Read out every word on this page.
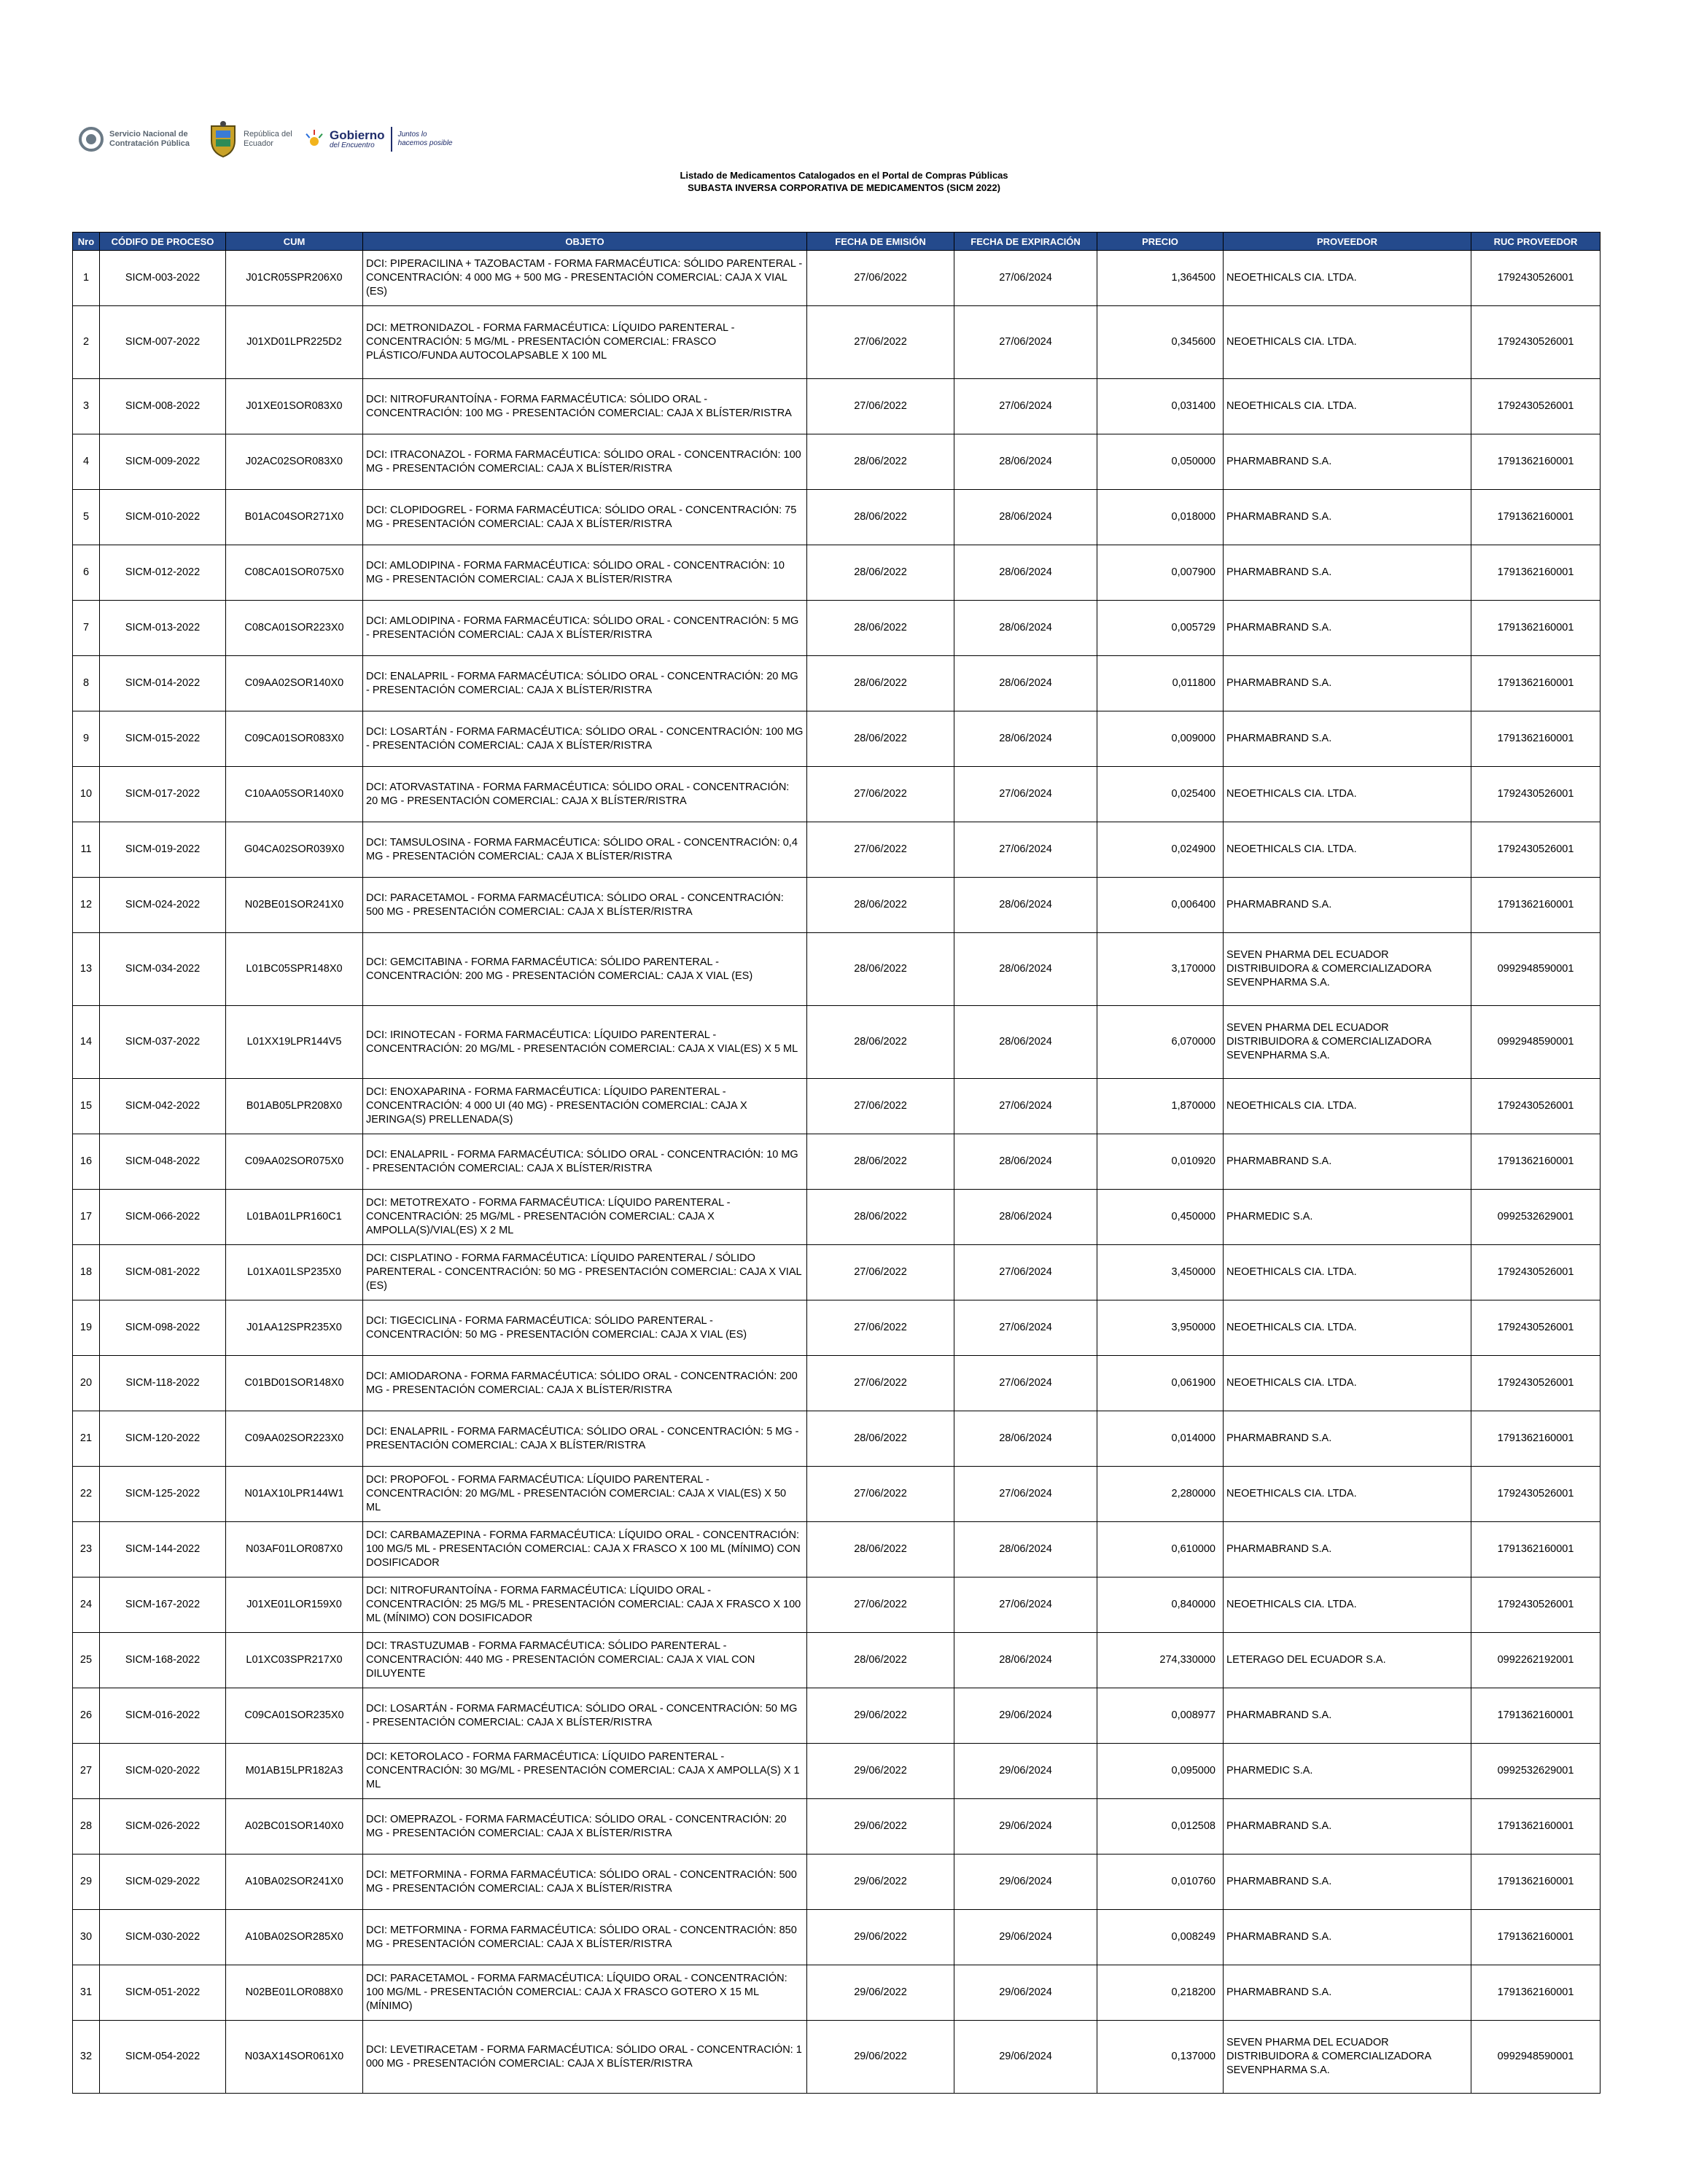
Servicio Nacional de Contratación Pública
República del Ecuador
Gobierno
del Encuentro
Juntos lo hacemos posible
Listado de Medicamentos Catalogados en el Portal de Compras Públicas
SUBASTA INVERSA CORPORATIVA DE MEDICAMENTOS (SICM 2022)
Nro	CÓDIFO DE PROCESO	CUM	OBJETO	FECHA DE EMISIÓN	FECHA DE EXPIRACIÓN	PRECIO	PROVEEDOR	RUC PROVEEDOR
1	SICM-003-2022	J01CR05SPR206X0	DCI: PIPERACILINA + TAZOBACTAM - FORMA FARMACÉUTICA: SÓLIDO PARENTERAL - CONCENTRACIÓN: 4 000 MG + 500 MG - PRESENTACIÓN COMERCIAL: CAJA X VIAL (ES)	27/06/2022	27/06/2024	1,364500	NEOETHICALS CIA. LTDA.	1792430526001
2	SICM-007-2022	J01XD01LPR225D2	DCI: METRONIDAZOL - FORMA FARMACÉUTICA: LÍQUIDO PARENTERAL - CONCENTRACIÓN: 5 MG/ML - PRESENTACIÓN COMERCIAL: FRASCO PLÁSTICO/FUNDA AUTOCOLAPSABLE X 100 ML	27/06/2022	27/06/2024	0,345600	NEOETHICALS CIA. LTDA.	1792430526001
3	SICM-008-2022	J01XE01SOR083X0	DCI: NITROFURANTOÍNA - FORMA FARMACÉUTICA: SÓLIDO ORAL - CONCENTRACIÓN: 100 MG - PRESENTACIÓN COMERCIAL: CAJA X BLÍSTER/RISTRA	27/06/2022	27/06/2024	0,031400	NEOETHICALS CIA. LTDA.	1792430526001
4	SICM-009-2022	J02AC02SOR083X0	DCI: ITRACONAZOL - FORMA FARMACÉUTICA: SÓLIDO ORAL - CONCENTRACIÓN: 100 MG - PRESENTACIÓN COMERCIAL: CAJA X BLÍSTER/RISTRA	28/06/2022	28/06/2024	0,050000	PHARMABRAND S.A.	1791362160001
5	SICM-010-2022	B01AC04SOR271X0	DCI: CLOPIDOGREL - FORMA FARMACÉUTICA: SÓLIDO ORAL - CONCENTRACIÓN: 75 MG - PRESENTACIÓN COMERCIAL: CAJA X BLÍSTER/RISTRA	28/06/2022	28/06/2024	0,018000	PHARMABRAND S.A.	1791362160001
6	SICM-012-2022	C08CA01SOR075X0	DCI: AMLODIPINA - FORMA FARMACÉUTICA: SÓLIDO ORAL - CONCENTRACIÓN: 10 MG - PRESENTACIÓN COMERCIAL: CAJA X BLÍSTER/RISTRA	28/06/2022	28/06/2024	0,007900	PHARMABRAND S.A.	1791362160001
7	SICM-013-2022	C08CA01SOR223X0	DCI: AMLODIPINA - FORMA FARMACÉUTICA: SÓLIDO ORAL - CONCENTRACIÓN: 5 MG - PRESENTACIÓN COMERCIAL: CAJA X BLÍSTER/RISTRA	28/06/2022	28/06/2024	0,005729	PHARMABRAND S.A.	1791362160001
8	SICM-014-2022	C09AA02SOR140X0	DCI: ENALAPRIL - FORMA FARMACÉUTICA: SÓLIDO ORAL - CONCENTRACIÓN: 20 MG - PRESENTACIÓN COMERCIAL: CAJA X BLÍSTER/RISTRA	28/06/2022	28/06/2024	0,011800	PHARMABRAND S.A.	1791362160001
9	SICM-015-2022	C09CA01SOR083X0	DCI: LOSARTÁN - FORMA FARMACÉUTICA: SÓLIDO ORAL - CONCENTRACIÓN: 100 MG - PRESENTACIÓN COMERCIAL: CAJA X BLÍSTER/RISTRA	28/06/2022	28/06/2024	0,009000	PHARMABRAND S.A.	1791362160001
10	SICM-017-2022	C10AA05SOR140X0	DCI: ATORVASTATINA - FORMA FARMACÉUTICA: SÓLIDO ORAL - CONCENTRACIÓN: 20 MG - PRESENTACIÓN COMERCIAL: CAJA X BLÍSTER/RISTRA	27/06/2022	27/06/2024	0,025400	NEOETHICALS CIA. LTDA.	1792430526001
11	SICM-019-2022	G04CA02SOR039X0	DCI: TAMSULOSINA - FORMA FARMACÉUTICA: SÓLIDO ORAL - CONCENTRACIÓN: 0,4 MG - PRESENTACIÓN COMERCIAL: CAJA X BLÍSTER/RISTRA	27/06/2022	27/06/2024	0,024900	NEOETHICALS CIA. LTDA.	1792430526001
12	SICM-024-2022	N02BE01SOR241X0	DCI: PARACETAMOL - FORMA FARMACÉUTICA: SÓLIDO ORAL - CONCENTRACIÓN: 500 MG - PRESENTACIÓN COMERCIAL: CAJA X BLÍSTER/RISTRA	28/06/2022	28/06/2024	0,006400	PHARMABRAND S.A.	1791362160001
13	SICM-034-2022	L01BC05SPR148X0	DCI: GEMCITABINA - FORMA FARMACÉUTICA: SÓLIDO PARENTERAL - CONCENTRACIÓN: 200 MG - PRESENTACIÓN COMERCIAL: CAJA X VIAL (ES)	28/06/2022	28/06/2024	3,170000	SEVEN PHARMA DEL ECUADOR DISTRIBUIDORA & COMERCIALIZADORA SEVENPHARMA S.A.	0992948590001
14	SICM-037-2022	L01XX19LPR144V5	DCI: IRINOTECAN - FORMA FARMACÉUTICA: LÍQUIDO PARENTERAL - CONCENTRACIÓN: 20 MG/ML - PRESENTACIÓN COMERCIAL: CAJA X VIAL(ES) X 5 ML	28/06/2022	28/06/2024	6,070000	SEVEN PHARMA DEL ECUADOR DISTRIBUIDORA & COMERCIALIZADORA SEVENPHARMA S.A.	0992948590001
15	SICM-042-2022	B01AB05LPR208X0	DCI: ENOXAPARINA - FORMA FARMACÉUTICA: LÍQUIDO PARENTERAL - CONCENTRACIÓN: 4 000 UI (40 MG) - PRESENTACIÓN COMERCIAL: CAJA X JERINGA(S) PRELLENADA(S)	27/06/2022	27/06/2024	1,870000	NEOETHICALS CIA. LTDA.	1792430526001
16	SICM-048-2022	C09AA02SOR075X0	DCI: ENALAPRIL - FORMA FARMACÉUTICA: SÓLIDO ORAL - CONCENTRACIÓN: 10 MG - PRESENTACIÓN COMERCIAL: CAJA X BLÍSTER/RISTRA	28/06/2022	28/06/2024	0,010920	PHARMABRAND S.A.	1791362160001
17	SICM-066-2022	L01BA01LPR160C1	DCI: METOTREXATO - FORMA FARMACÉUTICA: LÍQUIDO PARENTERAL - CONCENTRACIÓN: 25 MG/ML - PRESENTACIÓN COMERCIAL: CAJA X AMPOLLA(S)/VIAL(ES) X 2 ML	28/06/2022	28/06/2024	0,450000	PHARMEDIC S.A.	0992532629001
18	SICM-081-2022	L01XA01LSP235X0	DCI: CISPLATINO - FORMA FARMACÉUTICA: LÍQUIDO PARENTERAL / SÓLIDO PARENTERAL - CONCENTRACIÓN: 50 MG - PRESENTACIÓN COMERCIAL: CAJA X VIAL (ES)	27/06/2022	27/06/2024	3,450000	NEOETHICALS CIA. LTDA.	1792430526001
19	SICM-098-2022	J01AA12SPR235X0	DCI: TIGECICLINA - FORMA FARMACÉUTICA: SÓLIDO PARENTERAL - CONCENTRACIÓN: 50 MG - PRESENTACIÓN COMERCIAL: CAJA X VIAL (ES)	27/06/2022	27/06/2024	3,950000	NEOETHICALS CIA. LTDA.	1792430526001
20	SICM-118-2022	C01BD01SOR148X0	DCI: AMIODARONA - FORMA FARMACÉUTICA: SÓLIDO ORAL - CONCENTRACIÓN: 200 MG - PRESENTACIÓN COMERCIAL: CAJA X BLÍSTER/RISTRA	27/06/2022	27/06/2024	0,061900	NEOETHICALS CIA. LTDA.	1792430526001
21	SICM-120-2022	C09AA02SOR223X0	DCI: ENALAPRIL - FORMA FARMACÉUTICA: SÓLIDO ORAL - CONCENTRACIÓN: 5 MG - PRESENTACIÓN COMERCIAL: CAJA X BLÍSTER/RISTRA	28/06/2022	28/06/2024	0,014000	PHARMABRAND S.A.	1791362160001
22	SICM-125-2022	N01AX10LPR144W1	DCI: PROPOFOL - FORMA FARMACÉUTICA: LÍQUIDO PARENTERAL - CONCENTRACIÓN: 20 MG/ML - PRESENTACIÓN COMERCIAL: CAJA X VIAL(ES) X 50 ML	27/06/2022	27/06/2024	2,280000	NEOETHICALS CIA. LTDA.	1792430526001
23	SICM-144-2022	N03AF01LOR087X0	DCI: CARBAMAZEPINA - FORMA FARMACÉUTICA: LÍQUIDO ORAL - CONCENTRACIÓN: 100 MG/5 ML - PRESENTACIÓN COMERCIAL: CAJA X FRASCO X 100 ML (MÍNIMO) CON DOSIFICADOR	28/06/2022	28/06/2024	0,610000	PHARMABRAND S.A.	1791362160001
24	SICM-167-2022	J01XE01LOR159X0	DCI: NITROFURANTOÍNA - FORMA FARMACÉUTICA: LÍQUIDO ORAL - CONCENTRACIÓN: 25 MG/5 ML - PRESENTACIÓN COMERCIAL: CAJA X FRASCO X 100 ML (MÍNIMO) CON DOSIFICADOR	27/06/2022	27/06/2024	0,840000	NEOETHICALS CIA. LTDA.	1792430526001
25	SICM-168-2022	L01XC03SPR217X0	DCI: TRASTUZUMAB - FORMA FARMACÉUTICA: SÓLIDO PARENTERAL - CONCENTRACIÓN: 440 MG - PRESENTACIÓN COMERCIAL: CAJA X VIAL CON DILUYENTE	28/06/2022	28/06/2024	274,330000	LETERAGO DEL ECUADOR S.A.	0992262192001
26	SICM-016-2022	C09CA01SOR235X0	DCI: LOSARTÁN - FORMA FARMACÉUTICA: SÓLIDO ORAL - CONCENTRACIÓN: 50 MG - PRESENTACIÓN COMERCIAL: CAJA X BLÍSTER/RISTRA	29/06/2022	29/06/2024	0,008977	PHARMABRAND S.A.	1791362160001
27	SICM-020-2022	M01AB15LPR182A3	DCI: KETOROLACO - FORMA FARMACÉUTICA: LÍQUIDO PARENTERAL - CONCENTRACIÓN: 30 MG/ML - PRESENTACIÓN COMERCIAL: CAJA X AMPOLLA(S) X 1 ML	29/06/2022	29/06/2024	0,095000	PHARMEDIC S.A.	0992532629001
28	SICM-026-2022	A02BC01SOR140X0	DCI: OMEPRAZOL - FORMA FARMACÉUTICA: SÓLIDO ORAL - CONCENTRACIÓN: 20 MG - PRESENTACIÓN COMERCIAL: CAJA X BLÍSTER/RISTRA	29/06/2022	29/06/2024	0,012508	PHARMABRAND S.A.	1791362160001
29	SICM-029-2022	A10BA02SOR241X0	DCI: METFORMINA - FORMA FARMACÉUTICA: SÓLIDO ORAL - CONCENTRACIÓN: 500 MG - PRESENTACIÓN COMERCIAL: CAJA X BLÍSTER/RISTRA	29/06/2022	29/06/2024	0,010760	PHARMABRAND S.A.	1791362160001
30	SICM-030-2022	A10BA02SOR285X0	DCI: METFORMINA - FORMA FARMACÉUTICA: SÓLIDO ORAL - CONCENTRACIÓN: 850 MG - PRESENTACIÓN COMERCIAL: CAJA X BLÍSTER/RISTRA	29/06/2022	29/06/2024	0,008249	PHARMABRAND S.A.	1791362160001
31	SICM-051-2022	N02BE01LOR088X0	DCI: PARACETAMOL - FORMA FARMACÉUTICA: LÍQUIDO ORAL - CONCENTRACIÓN: 100 MG/ML - PRESENTACIÓN COMERCIAL: CAJA X FRASCO GOTERO X 15 ML (MÍNIMO)	29/06/2022	29/06/2024	0,218200	PHARMABRAND S.A.	1791362160001
32	SICM-054-2022	N03AX14SOR061X0	DCI: LEVETIRACETAM - FORMA FARMACÉUTICA: SÓLIDO ORAL - CONCENTRACIÓN: 1 000 MG - PRESENTACIÓN COMERCIAL: CAJA X BLÍSTER/RISTRA	29/06/2022	29/06/2024	0,137000	SEVEN PHARMA DEL ECUADOR DISTRIBUIDORA & COMERCIALIZADORA SEVENPHARMA S.A.	0992948590001
